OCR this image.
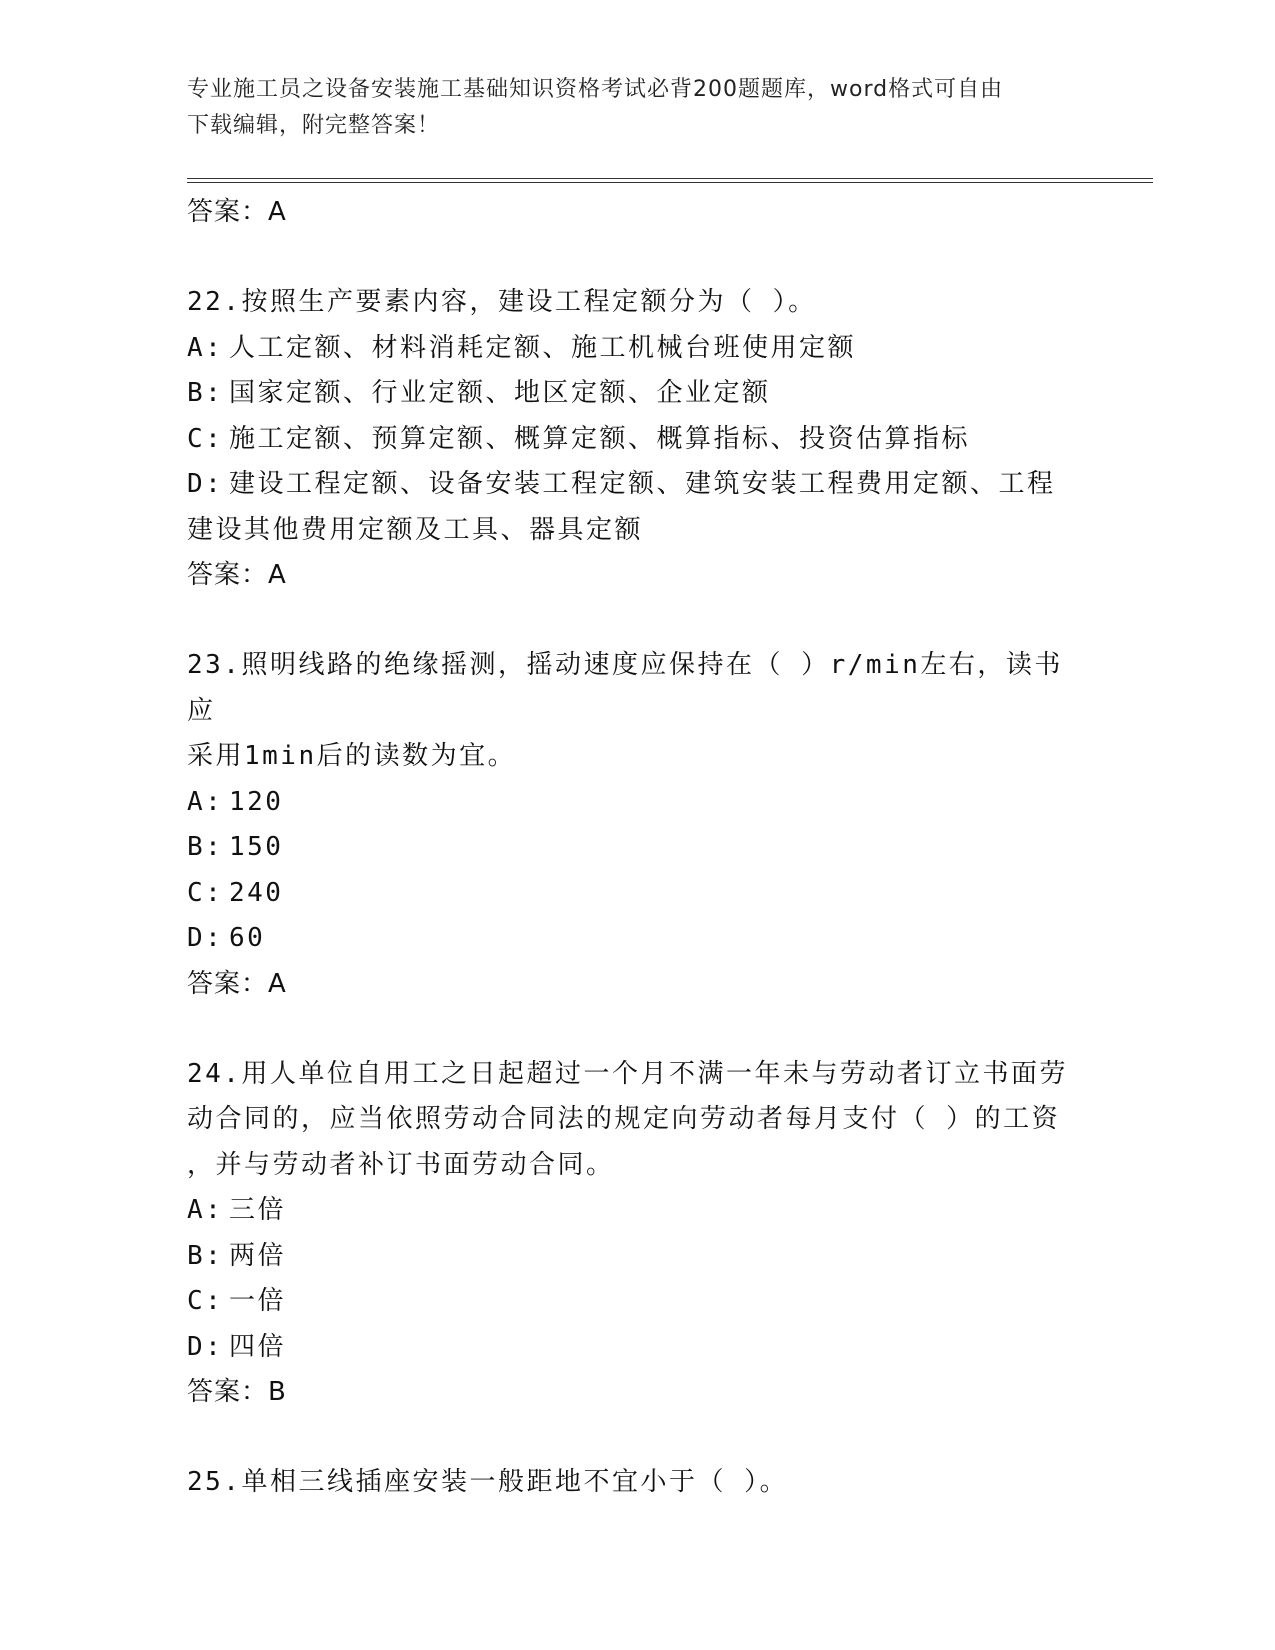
专业施工员之设备安装施工基础知识资格考试必背200题题库，word格式可自由
下载编辑，附完整答案！
答案：A
22.按照生产要素内容，建设工程定额分为（ ）。
A: 人工定额、材料消耗定额、施工机械台班使用定额
B: 国家定额、行业定额、地区定额、企业定额
C: 施工定额、预算定额、概算定额、概算指标、投资估算指标
D: 建设工程定额、设备安装工程定额、建筑安装工程费用定额、工程
建设其他费用定额及工具、器具定额
答案：A
23.照明线路的绝缘摇测，摇动速度应保持在（ ）r/min左右，读书应
采用1min后的读数为宜。
A: 120
B: 150
C: 240
D: 60
答案：A
24.用人单位自用工之日起超过一个月不满一年未与劳动者订立书面劳
动合同的，应当依照劳动合同法的规定向劳动者每月支付（ ）的工资
，并与劳动者补订书面劳动合同。
A: 三倍
B: 两倍
C: 一倍
D: 四倍
答案：B
25.单相三线插座安装一般距地不宜小于（ ）。
